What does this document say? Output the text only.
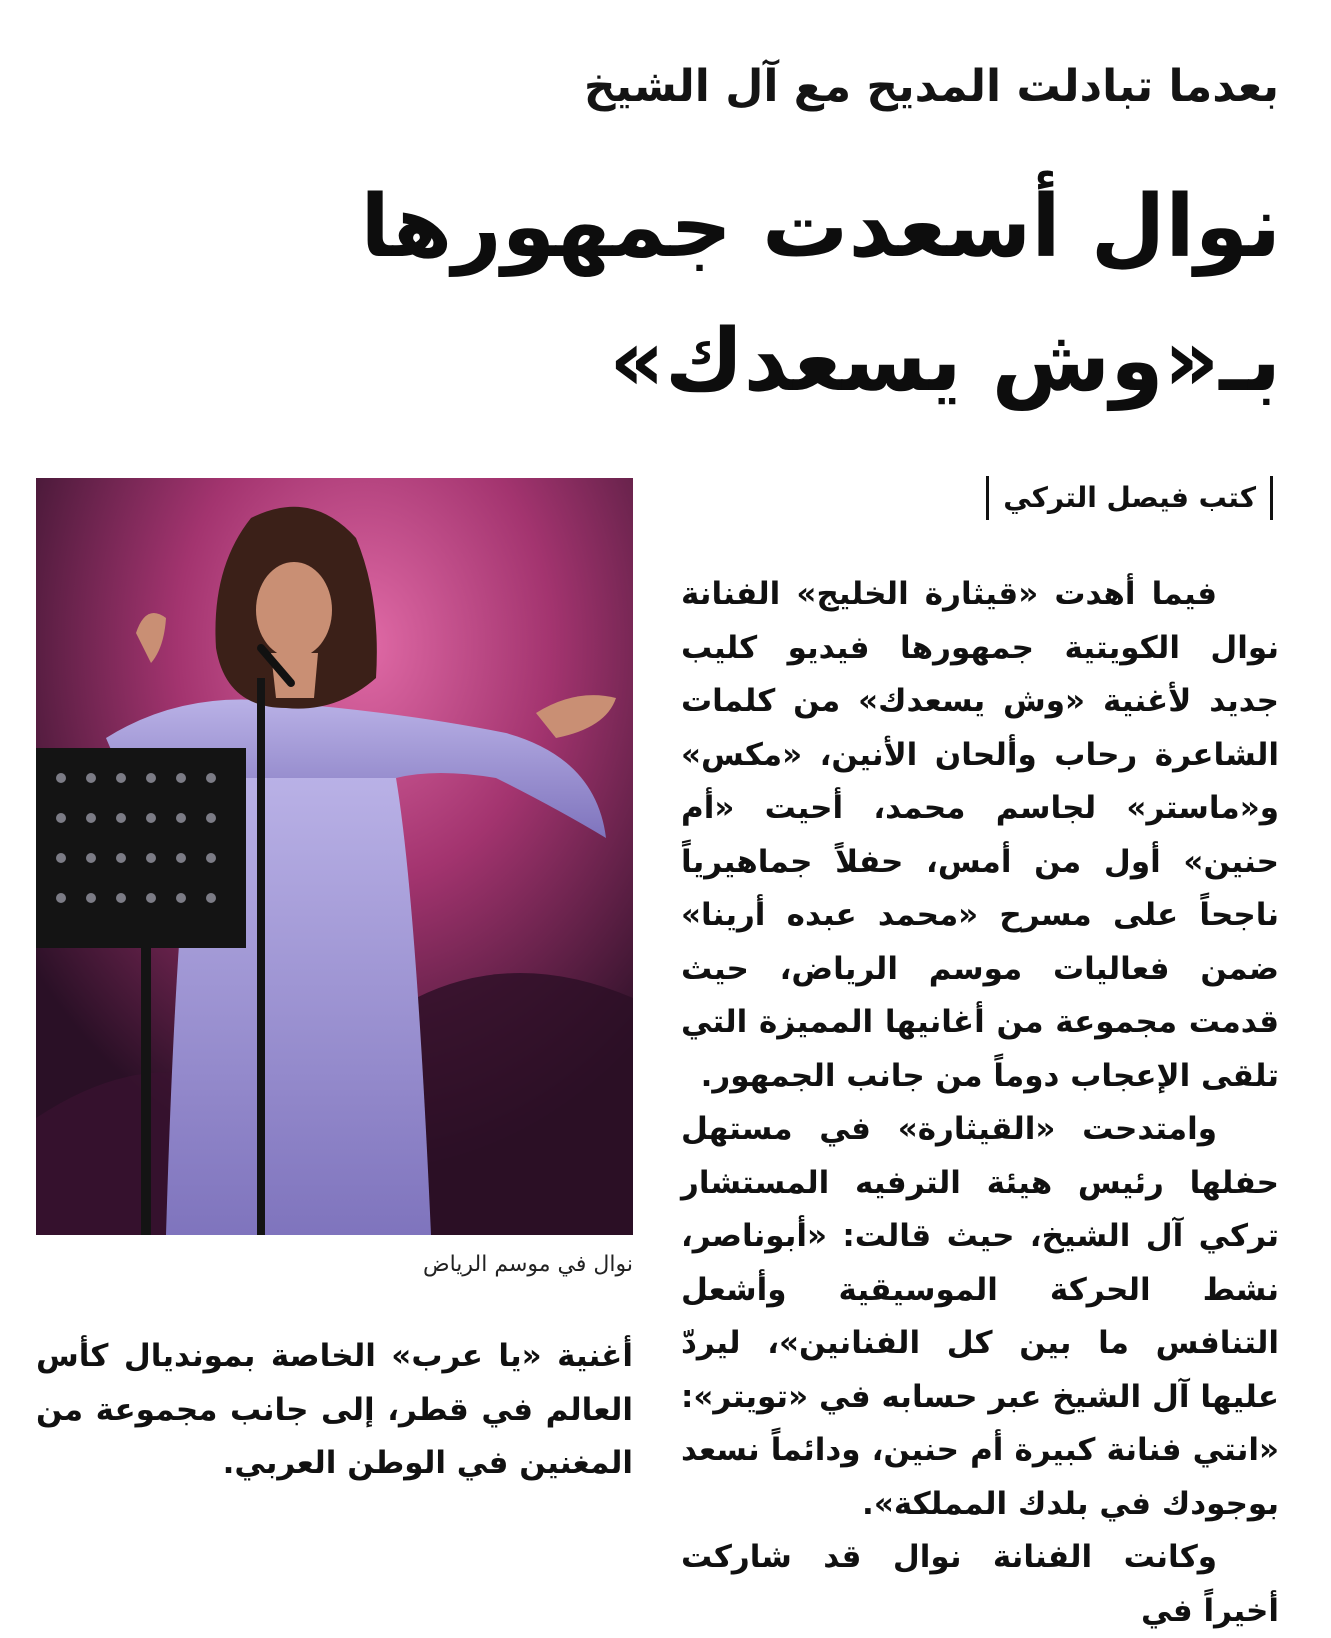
بعدما تبادلت المديح مع آل الشيخ
نوال أسعدت جمهورها
بـ«وش يسعدك»
كتب فيصل التركي

فيما أهدت «قيثارة الخليج» الفنانة نوال الكويتية جمهورها فيديو كليب جديد لأغنية «وش يسعدك» من كلمات الشاعرة رحاب وألحان الأنين، «مكس» و«ماستر» لجاسم محمد، أحيت «أم حنين» أول من أمس، حفلاً جماهيرياً ناجحاً على مسرح «محمد عبده أرينا» ضمن فعاليات موسم الرياض، حيث قدمت مجموعة من أغانيها المميزة التي تلقى الإعجاب دوماً من جانب الجمهور.

وامتدحت «القيثارة» في مستهل حفلها رئيس هيئة الترفيه المستشار تركي آل الشيخ، حيث قالت: «أبوناصر، نشط الحركة الموسيقية وأشعل التنافس ما بين كل الفنانين»، ليردّ عليها آل الشيخ عبر حسابه في «تويتر»: «انتي فنانة كبيرة أم حنين، ودائماً نسعد بوجودك في بلدك المملكة».

وكانت الفنانة نوال قد شاركت أخيراً في

نوال في موسم الرياض

أغنية «يا عرب» الخاصة بمونديال كأس العالم في قطر، إلى جانب مجموعة من المغنين في الوطن العربي.
